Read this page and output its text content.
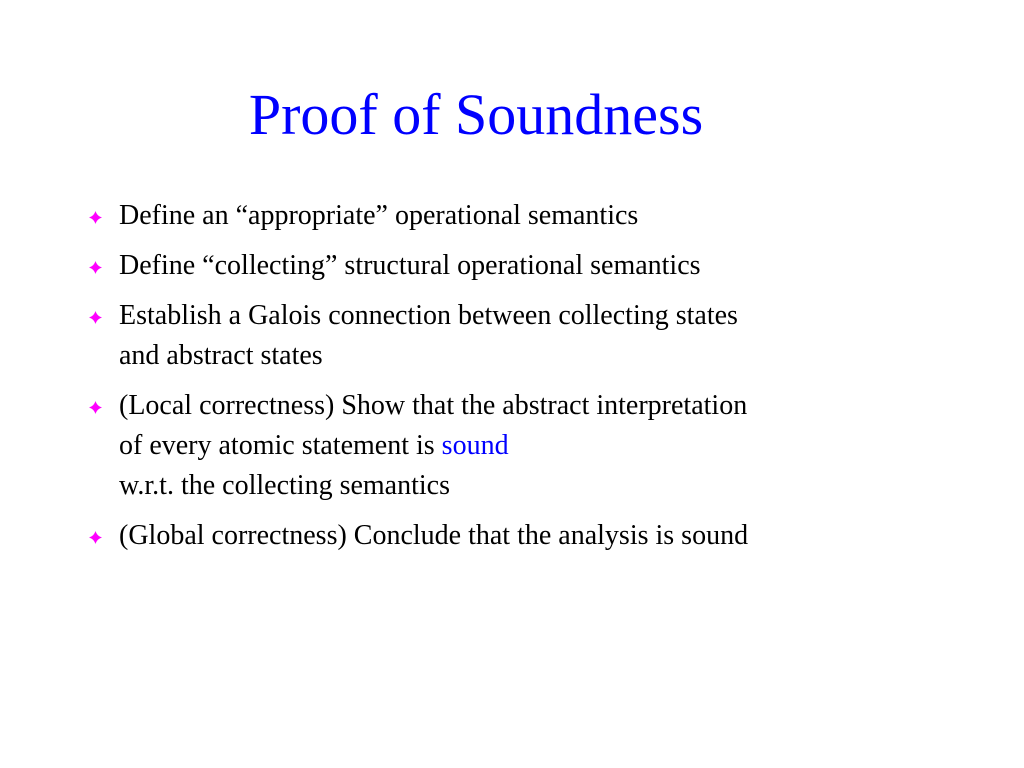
Proof of Soundness
Define an “appropriate” operational semantics
Define “collecting” structural operational semantics
Establish a Galois connection between collecting states
and abstract states
(Local correctness) Show that the abstract interpretation
of every atomic statement is sound
w.r.t. the collecting semantics
(Global correctness) Conclude that the analysis is sound
